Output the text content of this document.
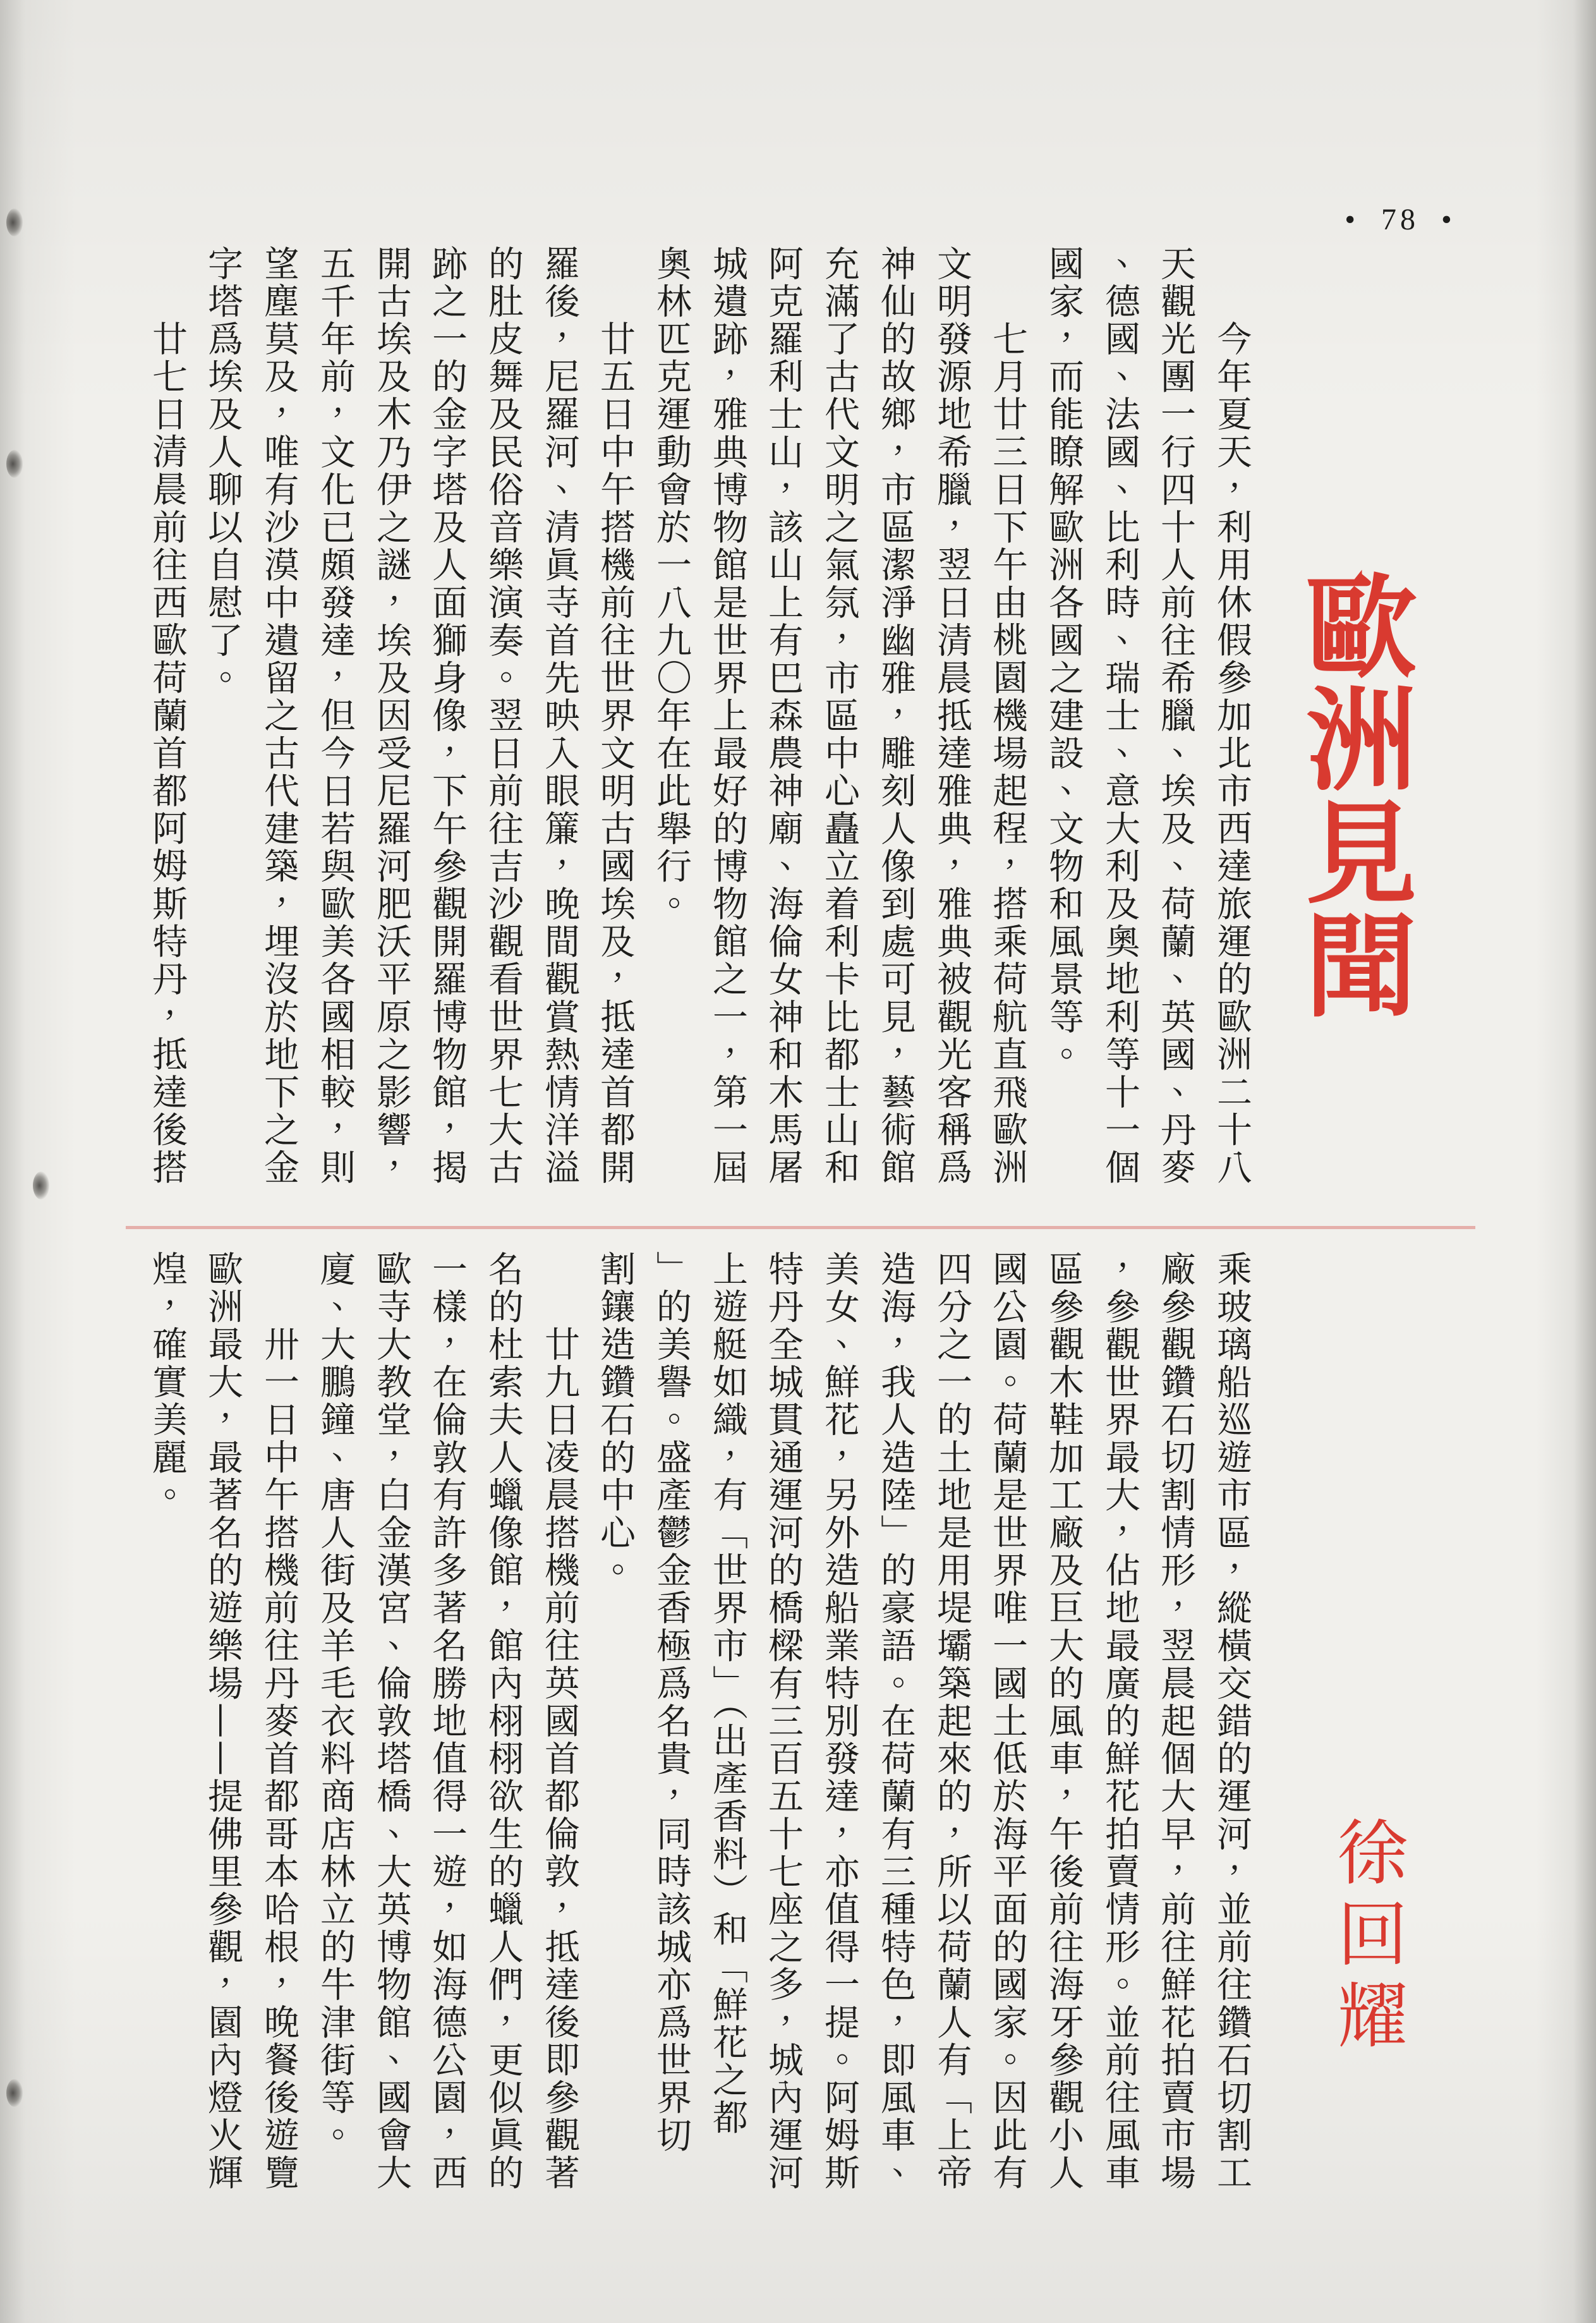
• 78 •
歐洲見聞
徐回耀
今年夏天，利用休假參加北市西達旅運的歐洲二十八
天觀光團一行四十人前往希臘、埃及、荷蘭、英國、丹麥
、德國、法國、比利時、瑞士、意大利及奧地利等十一個
國家，而能瞭解歐洲各國之建設、文物和風景等。
七月廿三日下午由桃園機場起程，搭乘荷航直飛歐洲
文明發源地希臘，翌日清晨抵達雅典，雅典被觀光客稱爲
神仙的故鄉，市區潔淨幽雅，雕刻人像到處可見，藝術館
充滿了古代文明之氣氛，市區中心矗立着利卡比都士山和
阿克羅利士山，該山上有巴森農神廟、海倫女神和木馬屠
城遺跡，雅典博物館是世界上最好的博物館之一，第一屆
奧林匹克運動會於一八九〇年在此舉行。
廿五日中午搭機前往世界文明古國埃及，抵達首都開
羅後，尼羅河、清眞寺首先映入眼簾，晚間觀賞熱情洋溢
的肚皮舞及民俗音樂演奏。翌日前往吉沙觀看世界七大古
跡之一的金字塔及人面獅身像，下午參觀開羅博物館，揭
開古埃及木乃伊之謎，埃及因受尼羅河肥沃平原之影響，
五千年前，文化已頗發達，但今日若與歐美各國相較，則
望塵莫及，唯有沙漠中遺留之古代建築，埋沒於地下之金
字塔爲埃及人聊以自慰了。
廿七日清晨前往西歐荷蘭首都阿姆斯特丹，抵達後搭
乘玻璃船巡遊市區，縱橫交錯的運河，並前往鑽石切割工
廠參觀鑽石切割情形，翌晨起個大早，前往鮮花拍賣市場
，參觀世界最大，佔地最廣的鮮花拍賣情形。並前往風車
區參觀木鞋加工廠及巨大的風車，午後前往海牙參觀小人
國公園。荷蘭是世界唯一國土低於海平面的國家。因此有
四分之一的土地是用堤壩築起來的，所以荷蘭人有「上帝
造海，我人造陸」的豪語。在荷蘭有三種特色，即風車、
美女、鮮花，另外造船業特別發達，亦值得一提。阿姆斯
特丹全城貫通運河的橋樑有三百五十七座之多，城內運河
上遊艇如織，有「世界市」（出產香料）和「鮮花之都
」的美譽。盛產鬱金香極爲名貴，同時該城亦爲世界切
割鑲造鑽石的中心。
廿九日凌晨搭機前往英國首都倫敦，抵達後即參觀著
名的杜索夫人蠟像館，館內栩栩欲生的蠟人們，更似眞的
一樣，在倫敦有許多著名勝地值得一遊，如海德公園，西
歐寺大教堂，白金漢宮、倫敦塔橋、大英博物館、國會大
廈、大鵬鐘、唐人街及羊毛衣料商店林立的牛津街等。
卅一日中午搭機前往丹麥首都哥本哈根，晚餐後遊覽
歐洲最大，最著名的遊樂場——提佛里參觀，園內燈火輝
煌，確實美麗。
